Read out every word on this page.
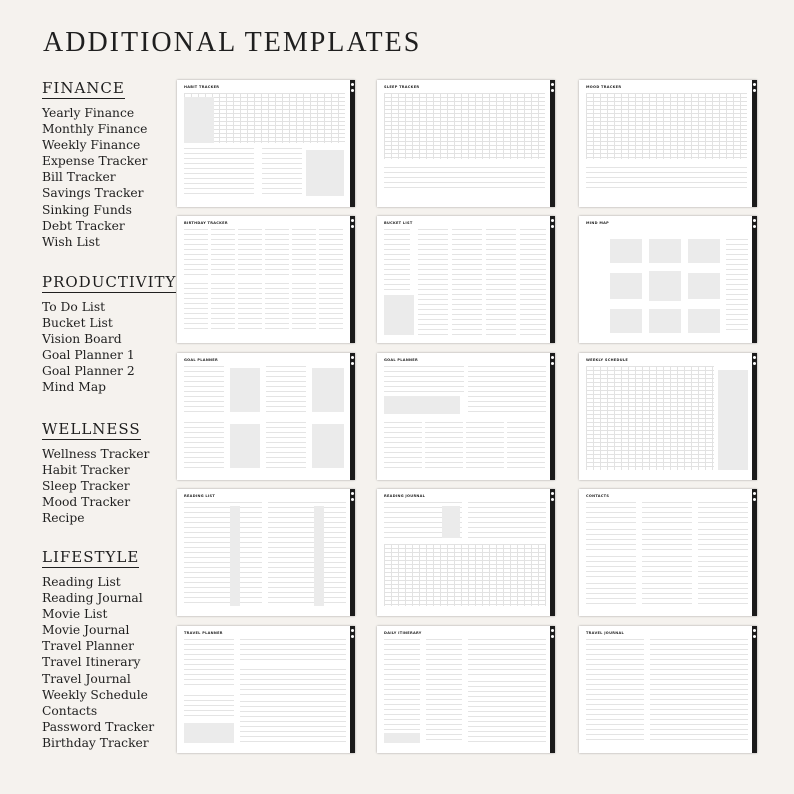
ADDITIONAL TEMPLATES
FINANCE
Yearly Finance
Monthly Finance
Weekly Finance
Expense Tracker
Bill Tracker
Savings Tracker
Sinking Funds
Debt Tracker
Wish List
PRODUCTIVITY
To Do List
Bucket List
Vision Board
Goal Planner 1
Goal Planner 2
Mind Map
WELLNESS
Wellness Tracker
Habit Tracker
Sleep Tracker
Mood Tracker
Recipe
LIFESTYLE
Reading List
Reading Journal
Movie List
Movie Journal
Travel Planner
Travel Itinerary
Travel Journal
Weekly Schedule
Contacts
Password Tracker
Birthday Tracker
HABIT TRACKER	SLEEP TRACKER	MOOD TRACKER
BIRTHDAY TRACKER	BUCKET LIST	MIND MAP
GOAL PLANNER	GOAL PLANNER	WEEKLY SCHEDULE
READING LIST	READING JOURNAL	CONTACTS
TRAVEL PLANNER	DAILY ITINERARY	TRAVEL JOURNAL
